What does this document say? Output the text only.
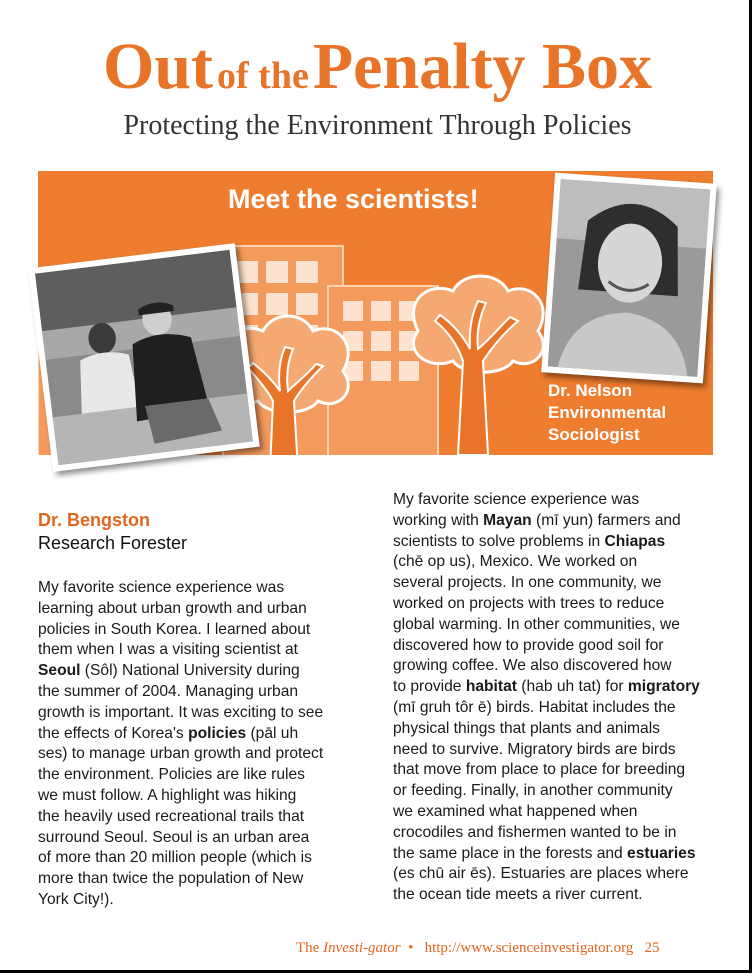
Out of the Penalty Box
Protecting the Environment Through Policies
Meet the scientists!
Dr. Nelson
Environmental
Sociologist
Dr. Bengston
Research Forester
My favorite science experience was
learning about urban growth and urban
policies in South Korea. I learned about
them when I was a visiting scientist at
Seoul (Sôl) National University during
the summer of 2004. Managing urban
growth is important. It was exciting to see
the effects of Korea's policies (pāl uh
ses) to manage urban growth and protect
the environment. Policies are like rules
we must follow. A highlight was hiking
the heavily used recreational trails that
surround Seoul. Seoul is an urban area
of more than 20 million people (which is
more than twice the population of New
York City!).
My favorite science experience was
working with Mayan (mī yun) farmers and
scientists to solve problems in Chiapas
(chē op us), Mexico. We worked on
several projects. In one community, we
worked on projects with trees to reduce
global warming. In other communities, we
discovered how to provide good soil for
growing coffee. We also discovered how
to provide habitat (hab uh tat) for migratory
(mī gruh tôr ē) birds. Habitat includes the
physical things that plants and animals
need to survive. Migratory birds are birds
that move from place to place for breeding
or feeding. Finally, in another community
we examined what happened when
crocodiles and fishermen wanted to be in
the same place in the forests and estuaries
(es chū air ēs). Estuaries are places where
the ocean tide meets a river current.
The Investi-gator • http://www.scienceinvestigator.org 25
